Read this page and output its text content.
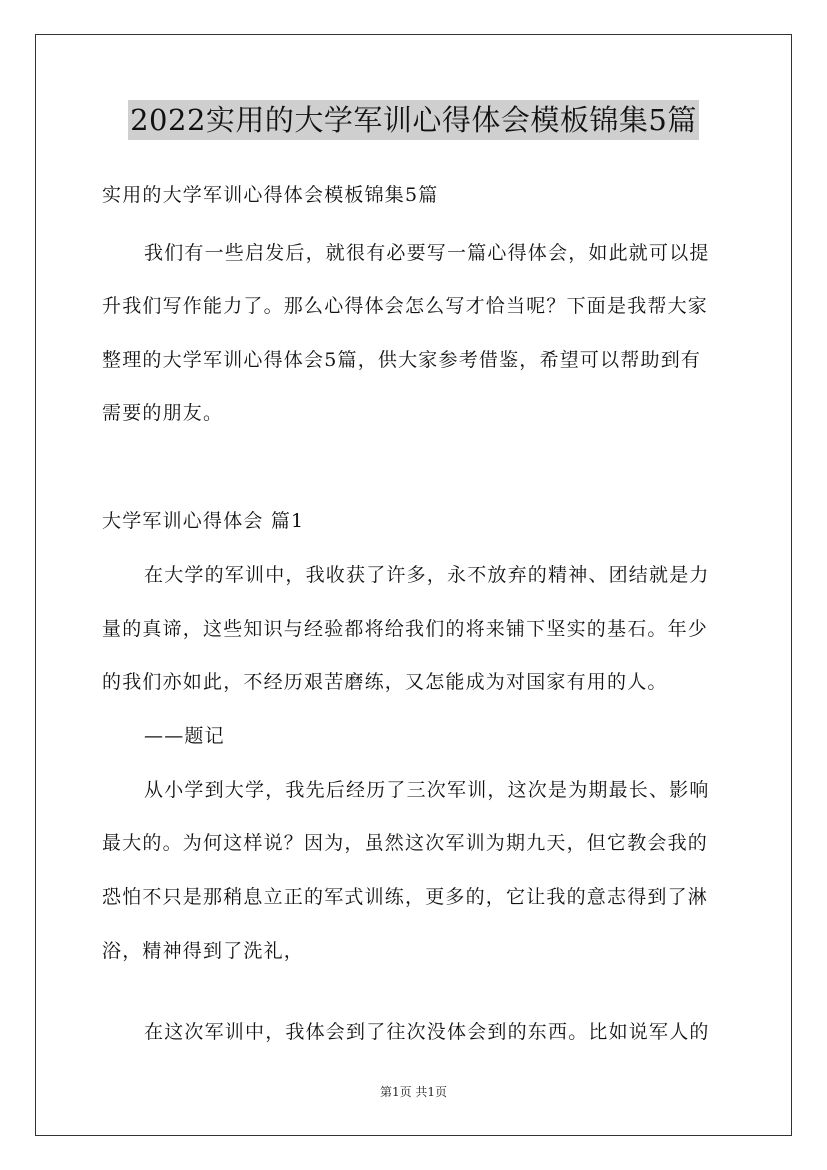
2022实用的大学军训心得体会模板锦集5篇
实用的大学军训心得体会模板锦集5篇
我们有一些启发后，就很有必要写一篇心得体会，如此就可以提
升我们写作能力了。那么心得体会怎么写才恰当呢？下面是我帮大家
整理的大学军训心得体会5篇，供大家参考借鉴，希望可以帮助到有
需要的朋友。
大学军训心得体会 篇1
在大学的军训中，我收获了许多，永不放弃的精神、团结就是力
量的真谛，这些知识与经验都将给我们的将来铺下坚实的基石。年少
的我们亦如此，不经历艰苦磨练，又怎能成为对国家有用的人。
——题记
从小学到大学，我先后经历了三次军训，这次是为期最长、影响
最大的。为何这样说？因为，虽然这次军训为期九天，但它教会我的
恐怕不只是那稍息立正的军式训练，更多的，它让我的意志得到了淋
浴，精神得到了洗礼，
在这次军训中，我体会到了往次没体会到的东西。比如说军人的
第1页 共1页
